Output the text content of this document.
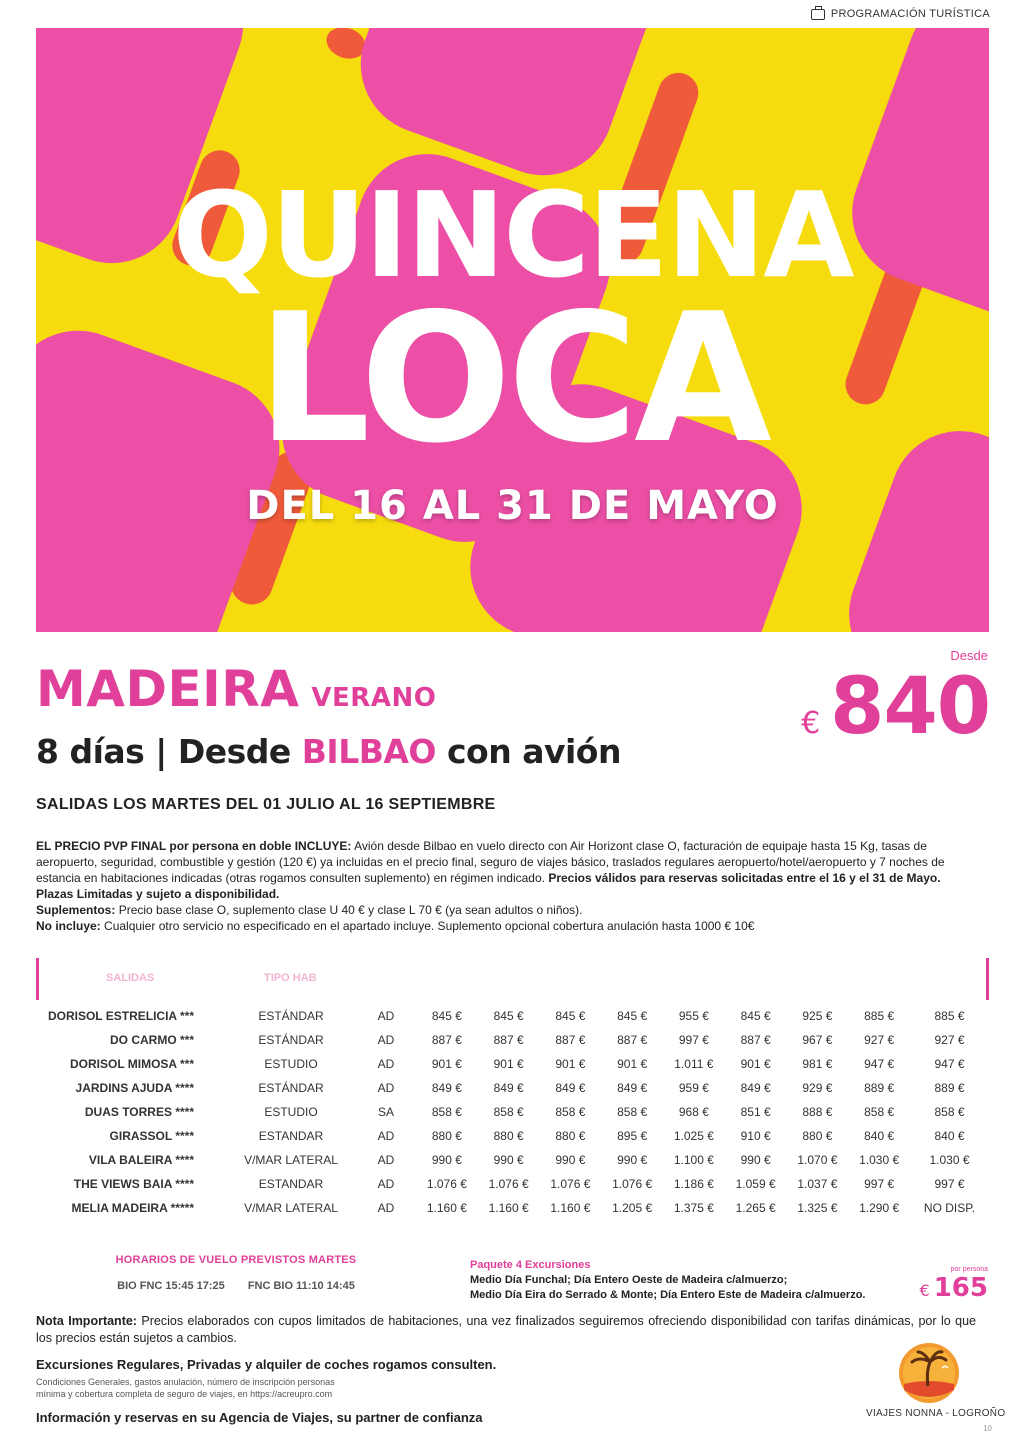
PROGRAMACIÓN TURÍSTICA
QUINCENA
LOCA
DEL 16 AL 31 DE MAYO
MADEIRA VERANO
8 días | Desde BILBAO con avión
SALIDAS LOS MARTES DEL 01 JULIO AL 16 SEPTIEMBRE
Desde
€ 840
EL PRECIO PVP FINAL por persona en doble INCLUYE: Avión desde Bilbao en vuelo directo con Air Horizont clase O, facturación de equipaje hasta 15 Kg, tasas de aeropuerto, seguridad, combustible y gestión (120 €) ya incluidas en el precio final, seguro de viajes básico, traslados regulares aeropuerto/hotel/aeropuerto y 7 noches de estancia en habitaciones indicadas (otras rogamos consulten suplemento) en régimen indicado. Precios válidos para reservas solicitadas entre el 16 y el 31 de Mayo.
Plazas Limitadas y sujeto a disponibilidad.
Suplementos: Precio base clase O, suplemento clase U 40 € y clase L 70 € (ya sean adultos o niños).
No incluye: Cualquier otro servicio no especificado en el apartado incluye. Suplemento opcional cobertura anulación hasta 1000 € 10€
SALIDAS	TIPO HAB
DORISOL ESTRELICIA ***	ESTÁNDAR	AD	845 €	845 €	845 €	845 €	955 €	845 €	925 €	885 €	885 €
DO CARMO ***	ESTÁNDAR	AD	887 €	887 €	887 €	887 €	997 €	887 €	967 €	927 €	927 €
DORISOL MIMOSA ***	ESTUDIO	AD	901 €	901 €	901 €	901 €	1.011 €	901 €	981 €	947 €	947 €
JARDINS AJUDA ****	ESTÁNDAR	AD	849 €	849 €	849 €	849 €	959 €	849 €	929 €	889 €	889 €
DUAS TORRES ****	ESTUDIO	SA	858 €	858 €	858 €	858 €	968 €	851 €	888 €	858 €	858 €
GIRASSOL ****	ESTANDAR	AD	880 €	880 €	880 €	895 €	1.025 €	910 €	880 €	840 €	840 €
VILA BALEIRA ****	V/MAR LATERAL	AD	990 €	990 €	990 €	990 €	1.100 €	990 €	1.070 €	1.030 €	1.030 €
THE VIEWS BAIA ****	ESTANDAR	AD	1.076 €	1.076 €	1.076 €	1.076 €	1.186 €	1.059 €	1.037 €	997 €	997 €
MELIA MADEIRA *****	V/MAR LATERAL	AD	1.160 €	1.160 €	1.160 €	1.205 €	1.375 €	1.265 €	1.325 €	1.290 €	NO DISP.
HORARIOS DE VUELO PREVISTOS MARTES
BIO FNC 15:45 17:25 FNC BIO 11:10 14:45
Paquete 4 Excursiones
Medio Día Funchal; Día Entero Oeste de Madeira c/almuerzo;
Medio Día Eira do Serrado & Monte; Día Entero Este de Madeira c/almuerzo.
por persona
€ 165
Nota Importante: Precios elaborados con cupos limitados de habitaciones, una vez finalizados seguiremos ofreciendo disponibilidad con tarifas dinámicas, por lo que los precios están sujetos a cambios.
Excursiones Regulares, Privadas y alquiler de coches rogamos consulten.
Condiciones Generales, gastos anulación, número de inscripción personas mínima y cobertura completa de seguro de viajes, en https://acreupro.com
Información y reservas en su Agencia de Viajes, su partner de confianza	VIAJES NONNA - LOGROÑO
10
